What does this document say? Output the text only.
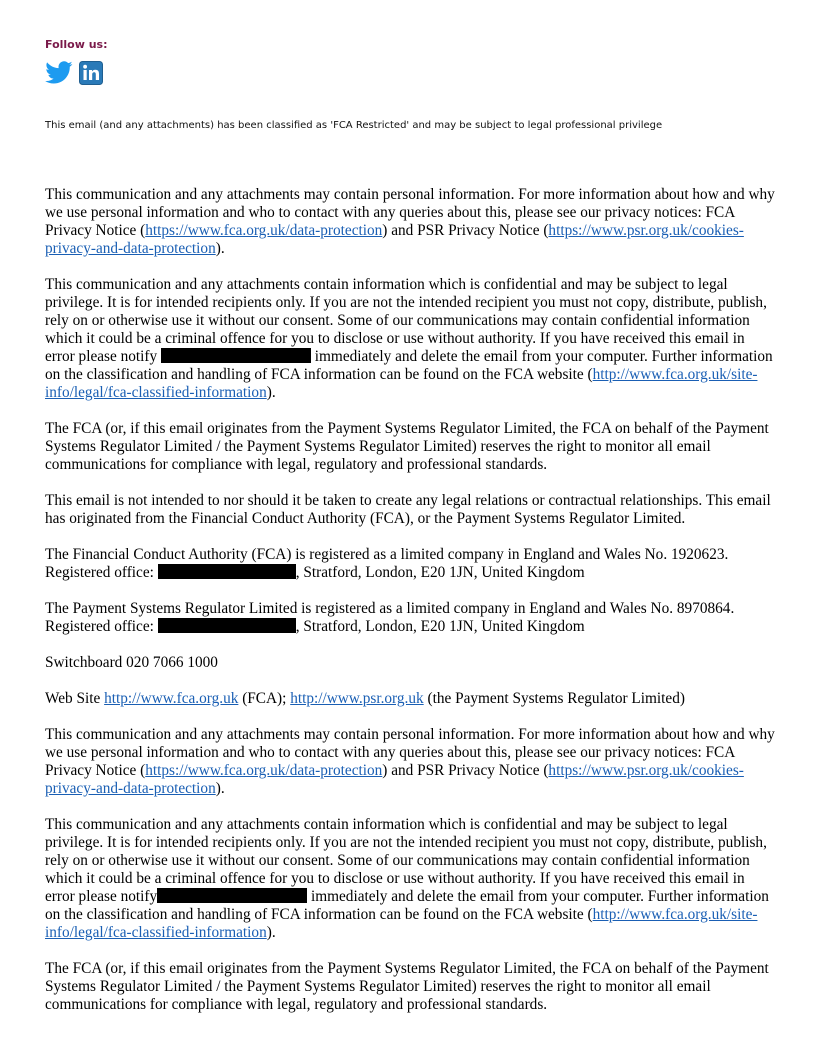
Follow us:
This email (and any attachments) has been classified as 'FCA Restricted' and may be subject to legal professional privilege

This communication and any attachments may contain personal information. For more information about how and why we use personal information and who to contact with any queries about this, please see our privacy notices: FCA Privacy Notice (https://www.fca.org.uk/data-protection) and PSR Privacy Notice (https://www.psr.org.uk/cookies-privacy-and-data-protection).

This communication and any attachments contain information which is confidential and may be subject to legal privilege. It is for intended recipients only. If you are not the intended recipient you must not copy, distribute, publish, rely on or otherwise use it without our consent. Some of our communications may contain confidential information which it could be a criminal offence for you to disclose or use without authority. If you have received this email in error please notify	immediately and delete the email from your computer. Further information on the classification and handling of FCA information can be found on the FCA website (http://www.fca.org.uk/site-info/legal/fca-classified-information).

The FCA (or, if this email originates from the Payment Systems Regulator Limited, the FCA on behalf of the Payment Systems Regulator Limited / the Payment Systems Regulator Limited) reserves the right to monitor all email communications for compliance with legal, regulatory and professional standards.

This email is not intended to nor should it be taken to create any legal relations or contractual relationships. This email has originated from the Financial Conduct Authority (FCA), or the Payment Systems Regulator Limited.

The Financial Conduct Authority (FCA) is registered as a limited company in England and Wales No. 1920623.
Registered office:	, Stratford, London, E20 1JN, United Kingdom

The Payment Systems Regulator Limited is registered as a limited company in England and Wales No. 8970864.
Registered office:	, Stratford, London, E20 1JN, United Kingdom

Switchboard 020 7066 1000

Web Site http://www.fca.org.uk (FCA); http://www.psr.org.uk (the Payment Systems Regulator Limited)

This communication and any attachments may contain personal information. For more information about how and why we use personal information and who to contact with any queries about this, please see our privacy notices: FCA Privacy Notice (https://www.fca.org.uk/data-protection) and PSR Privacy Notice (https://www.psr.org.uk/cookies-privacy-and-data-protection).

This communication and any attachments contain information which is confidential and may be subject to legal privilege. It is for intended recipients only. If you are not the intended recipient you must not copy, distribute, publish, rely on or otherwise use it without our consent. Some of our communications may contain confidential information which it could be a criminal offence for you to disclose or use without authority. If you have received this email in error please notify	immediately and delete the email from your computer. Further information on the classification and handling of FCA information can be found on the FCA website (http://www.fca.org.uk/site-info/legal/fca-classified-information).

The FCA (or, if this email originates from the Payment Systems Regulator Limited, the FCA on behalf of the Payment Systems Regulator Limited / the Payment Systems Regulator Limited) reserves the right to monitor all email communications for compliance with legal, regulatory and professional standards.
